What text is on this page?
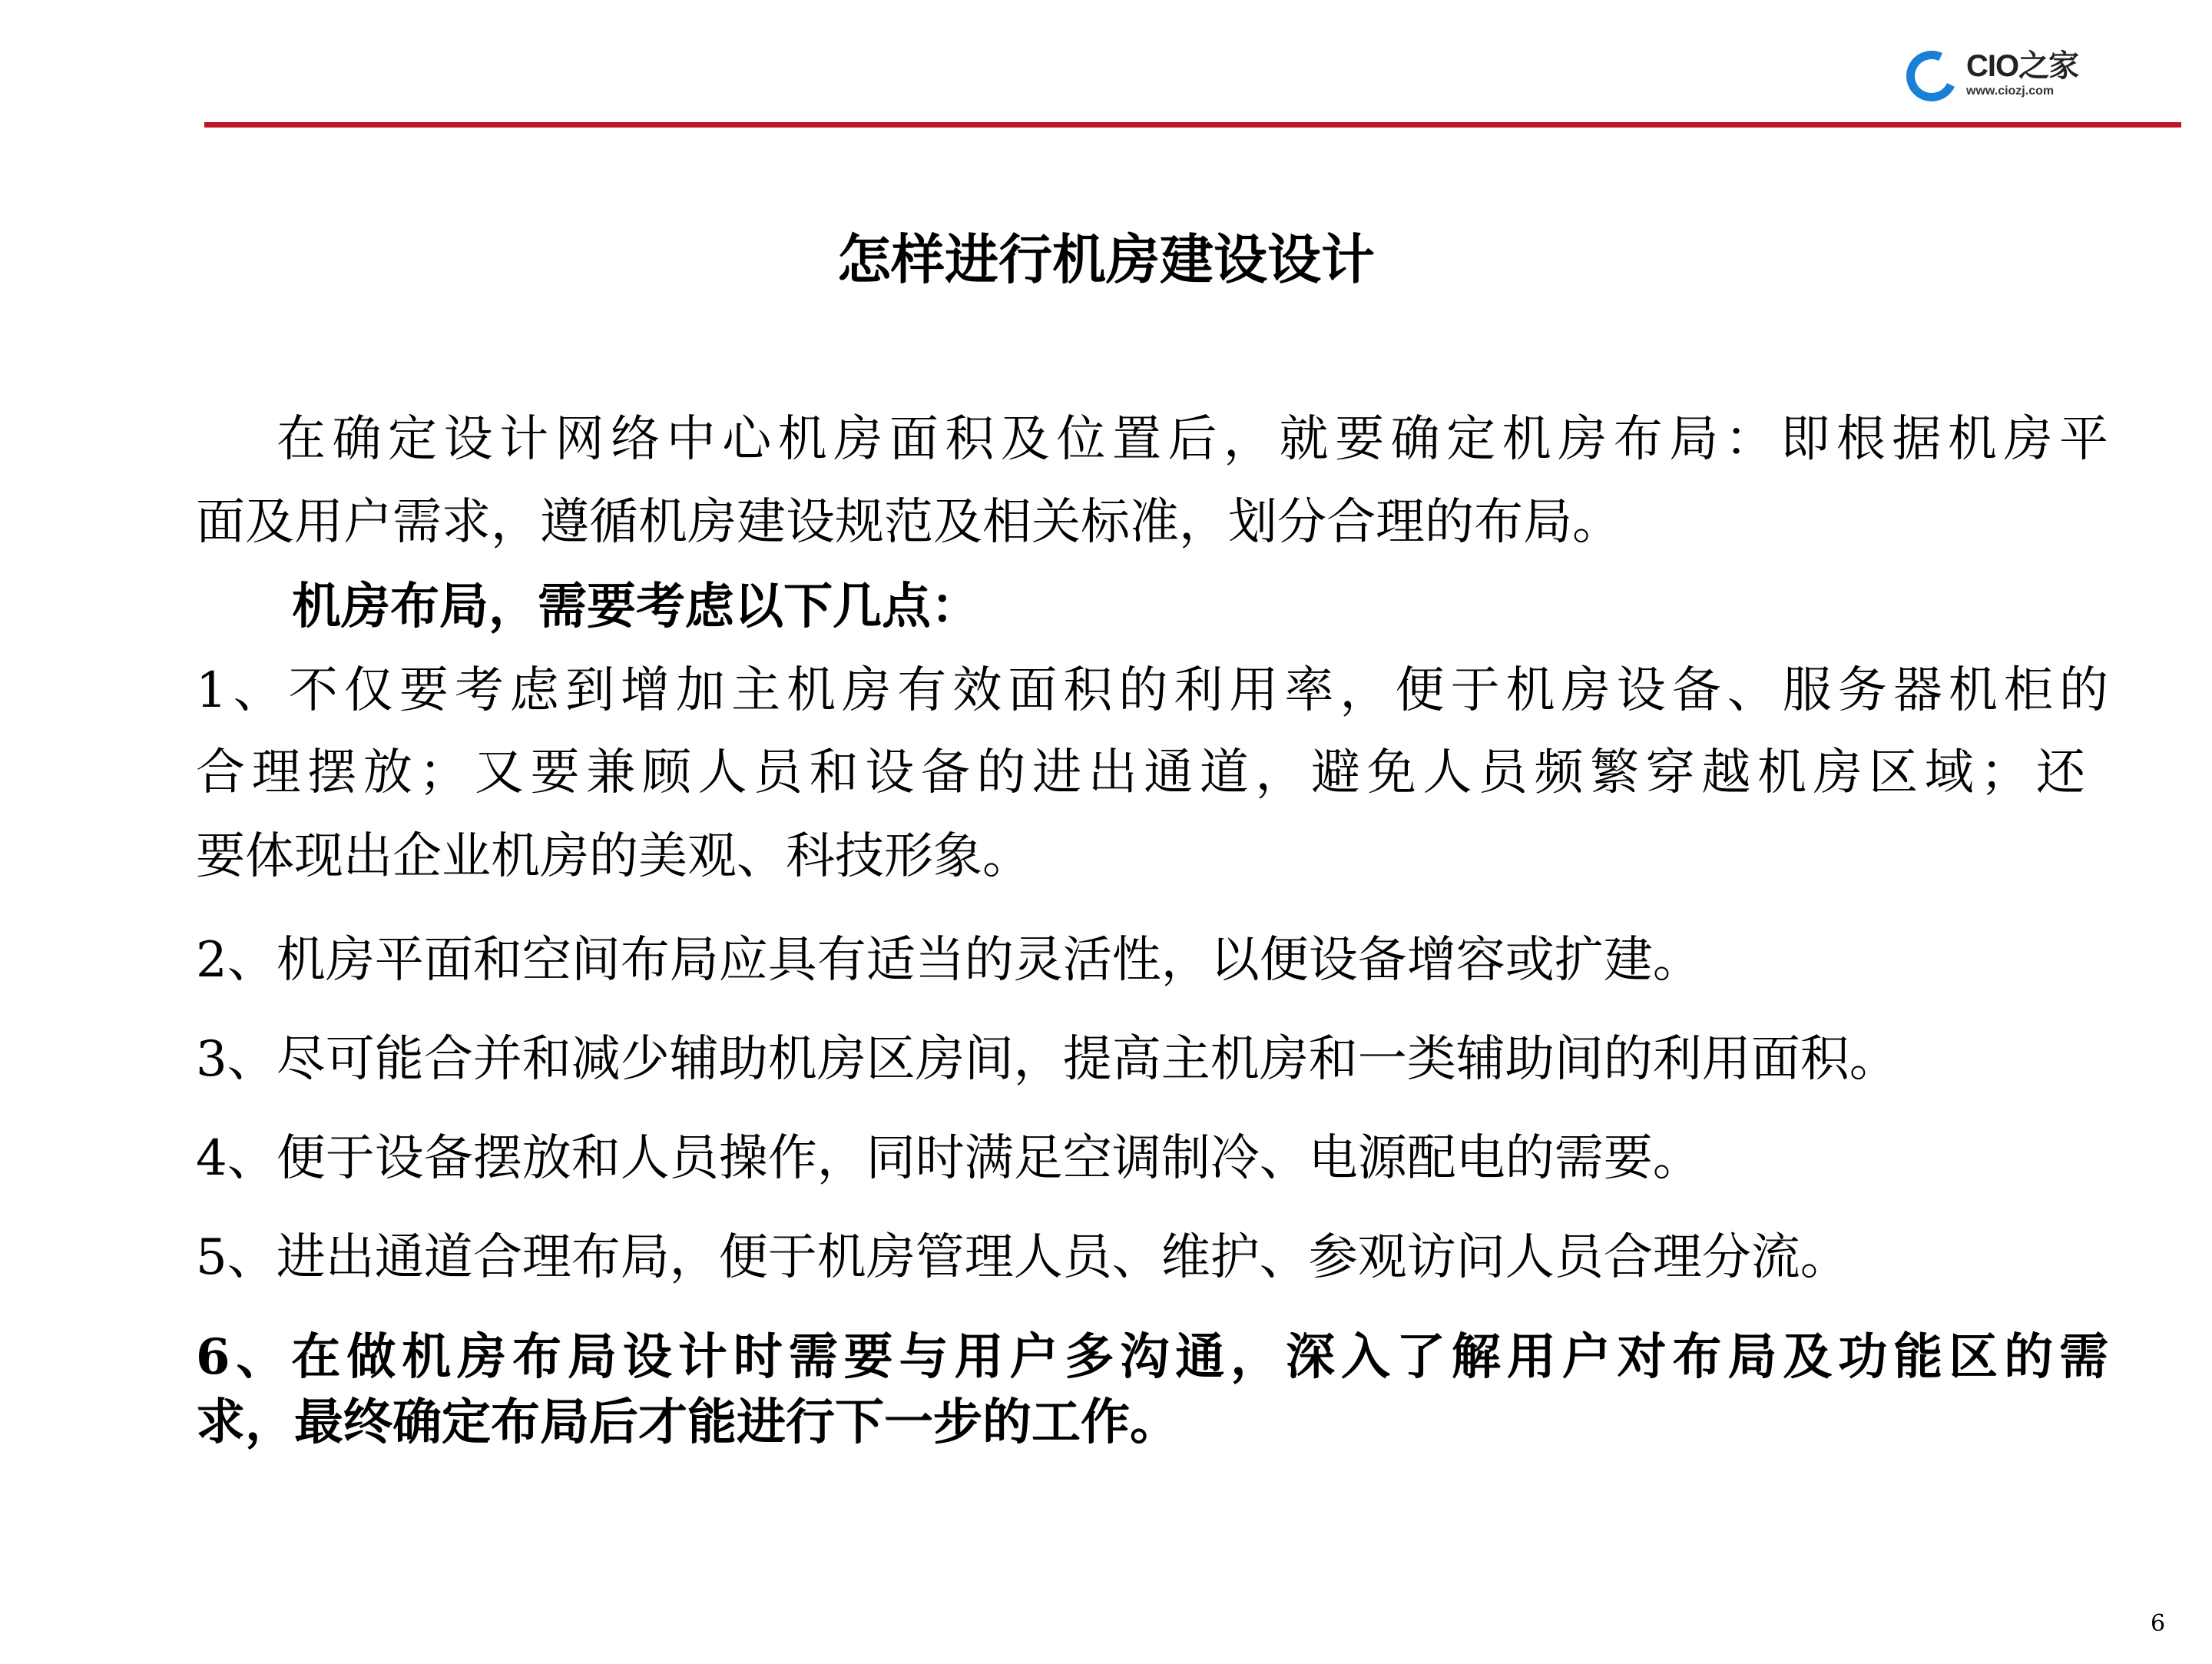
CIO之家
www.ciozj.com
怎样进行机房建设设计
在确定设计网络中心机房面积及位置后，就要确定机房布局：即根据机房平
面及用户需求，遵循机房建设规范及相关标准，划分合理的布局。
机房布局，需要考虑以下几点：
1、不仅要考虑到增加主机房有效面积的利用率，便于机房设备、服务器机柜的
合理摆放；又要兼顾人员和设备的进出通道，避免人员频繁穿越机房区域；还
要体现出企业机房的美观、科技形象。
2、机房平面和空间布局应具有适当的灵活性，以便设备增容或扩建。
3、尽可能合并和减少辅助机房区房间，提高主机房和一类辅助间的利用面积。
4、便于设备摆放和人员操作，同时满足空调制冷、电源配电的需要。
5、进出通道合理布局，便于机房管理人员、维护、参观访问人员合理分流。
6、在做机房布局设计时需要与用户多沟通，深入了解用户对布局及功能区的需
求，最终确定布局后才能进行下一步的工作。
6
